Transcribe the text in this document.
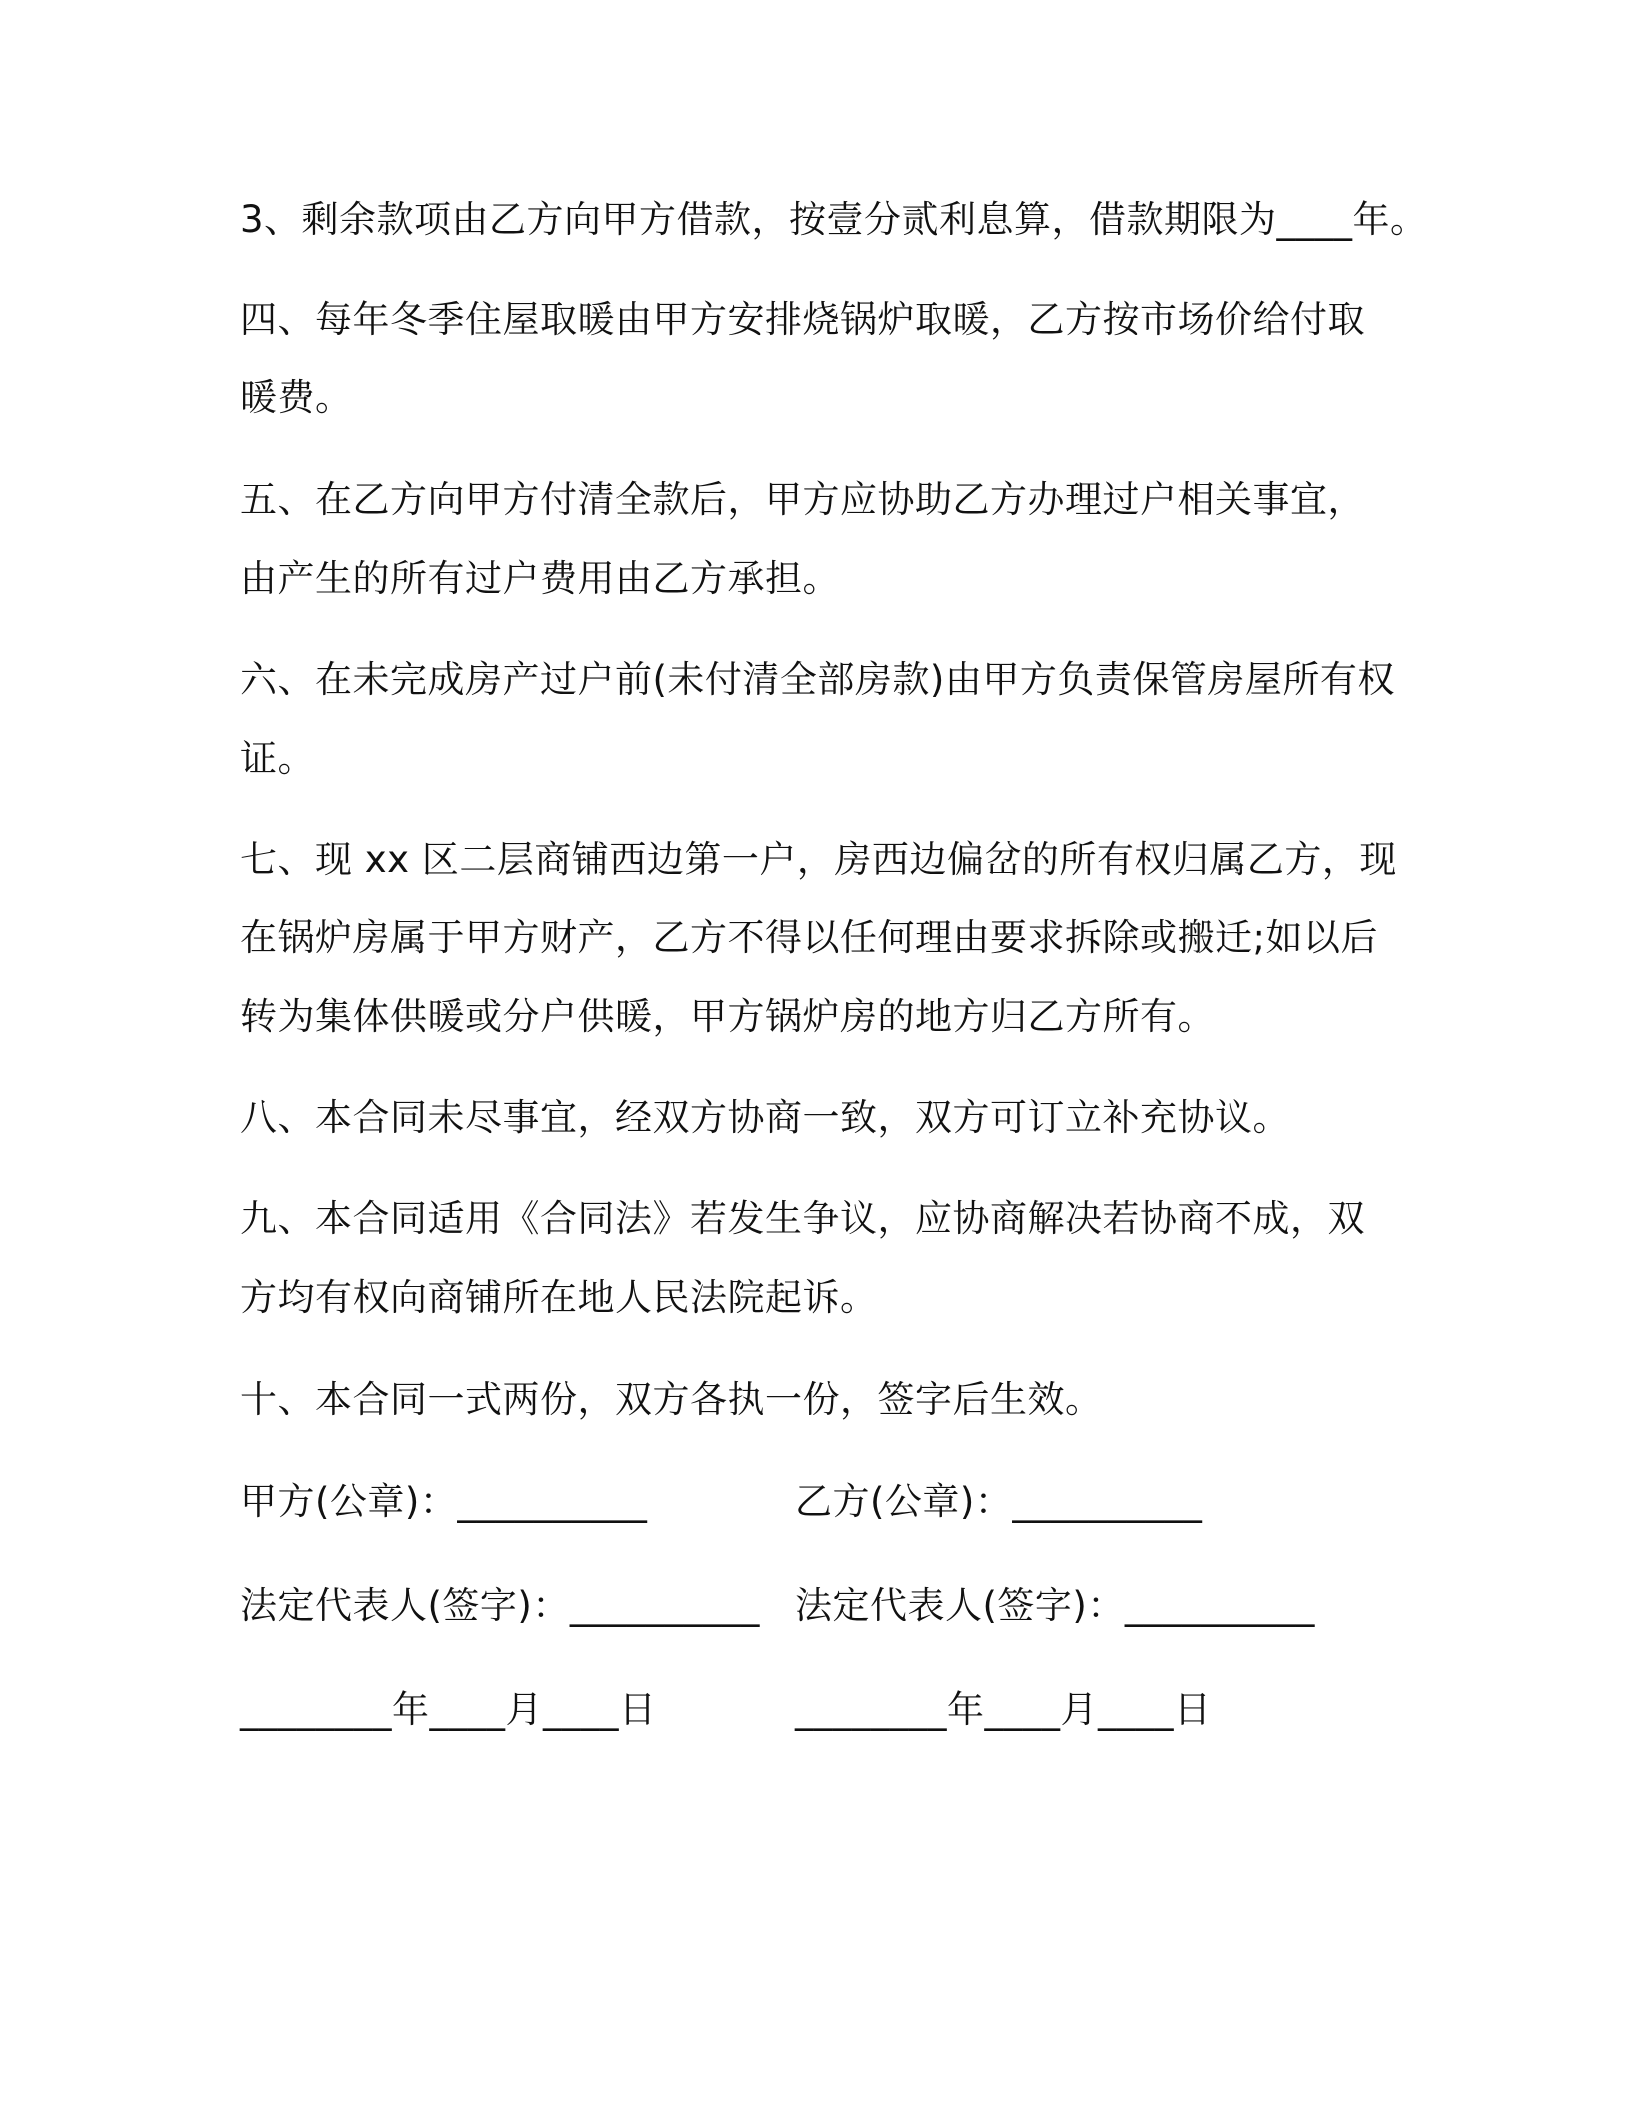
3、剩余款项由乙方向甲方借款，按壹分贰利息算，借款期限为____年。
四、每年冬季住屋取暖由甲方安排烧锅炉取暖，乙方按市场价给付取
暖费。
五、在乙方向甲方付清全款后，甲方应协助乙方办理过户相关事宜，
由产生的所有过户费用由乙方承担。
六、在未完成房产过户前(未付清全部房款)由甲方负责保管房屋所有权
证。
七、现 xx 区二层商铺西边第一户，房西边偏岔的所有权归属乙方，现
在锅炉房属于甲方财产，乙方不得以任何理由要求拆除或搬迁;如以后
转为集体供暖或分户供暖，甲方锅炉房的地方归乙方所有。
八、本合同未尽事宜，经双方协商一致，双方可订立补充协议。
九、本合同适用《合同法》若发生争议，应协商解决若协商不成，双
方均有权向商铺所在地人民法院起诉。
十、本合同一式两份，双方各执一份，签字后生效。
甲方(公章)：__________	乙方(公章)：__________
法定代表人(签字)：__________ 法定代表人(签字)：__________
________年____月____日	________年____月____日
